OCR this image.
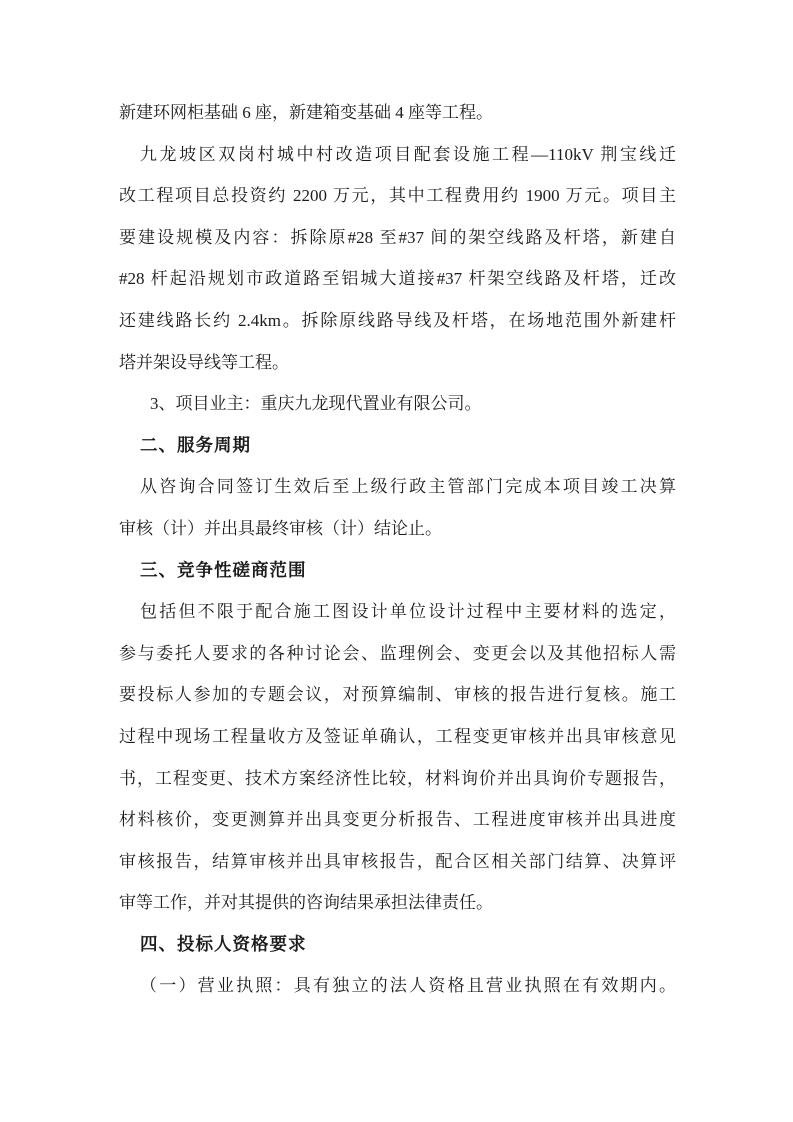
新建环网柜基础 6 座，新建箱变基础 4 座等工程。
九龙坡区双岗村城中村改造项目配套设施工程—110kV 荆宝线迁
改工程项目总投资约 2200 万元，其中工程费用约 1900 万元。项目主
要建设规模及内容：拆除原#28 至#37 间的架空线路及杆塔，新建自
#28 杆起沿规划市政道路至铝城大道接#37 杆架空线路及杆塔，迁改
还建线路长约 2.4km。拆除原线路导线及杆塔，在场地范围外新建杆
塔并架设导线等工程。
3、项目业主：重庆九龙现代置业有限公司。
二、服务周期
从咨询合同签订生效后至上级行政主管部门完成本项目竣工决算
审核（计）并出具最终审核（计）结论止。
三、竞争性磋商范围
包括但不限于配合施工图设计单位设计过程中主要材料的选定，
参与委托人要求的各种讨论会、监理例会、变更会以及其他招标人需
要投标人参加的专题会议，对预算编制、审核的报告进行复核。施工
过程中现场工程量收方及签证单确认，工程变更审核并出具审核意见
书，工程变更、技术方案经济性比较，材料询价并出具询价专题报告，
材料核价，变更测算并出具变更分析报告、工程进度审核并出具进度
审核报告，结算审核并出具审核报告，配合区相关部门结算、决算评
审等工作，并对其提供的咨询结果承担法律责任。
四、投标人资格要求
（一）营业执照：具有独立的法人资格且营业执照在有效期内。
